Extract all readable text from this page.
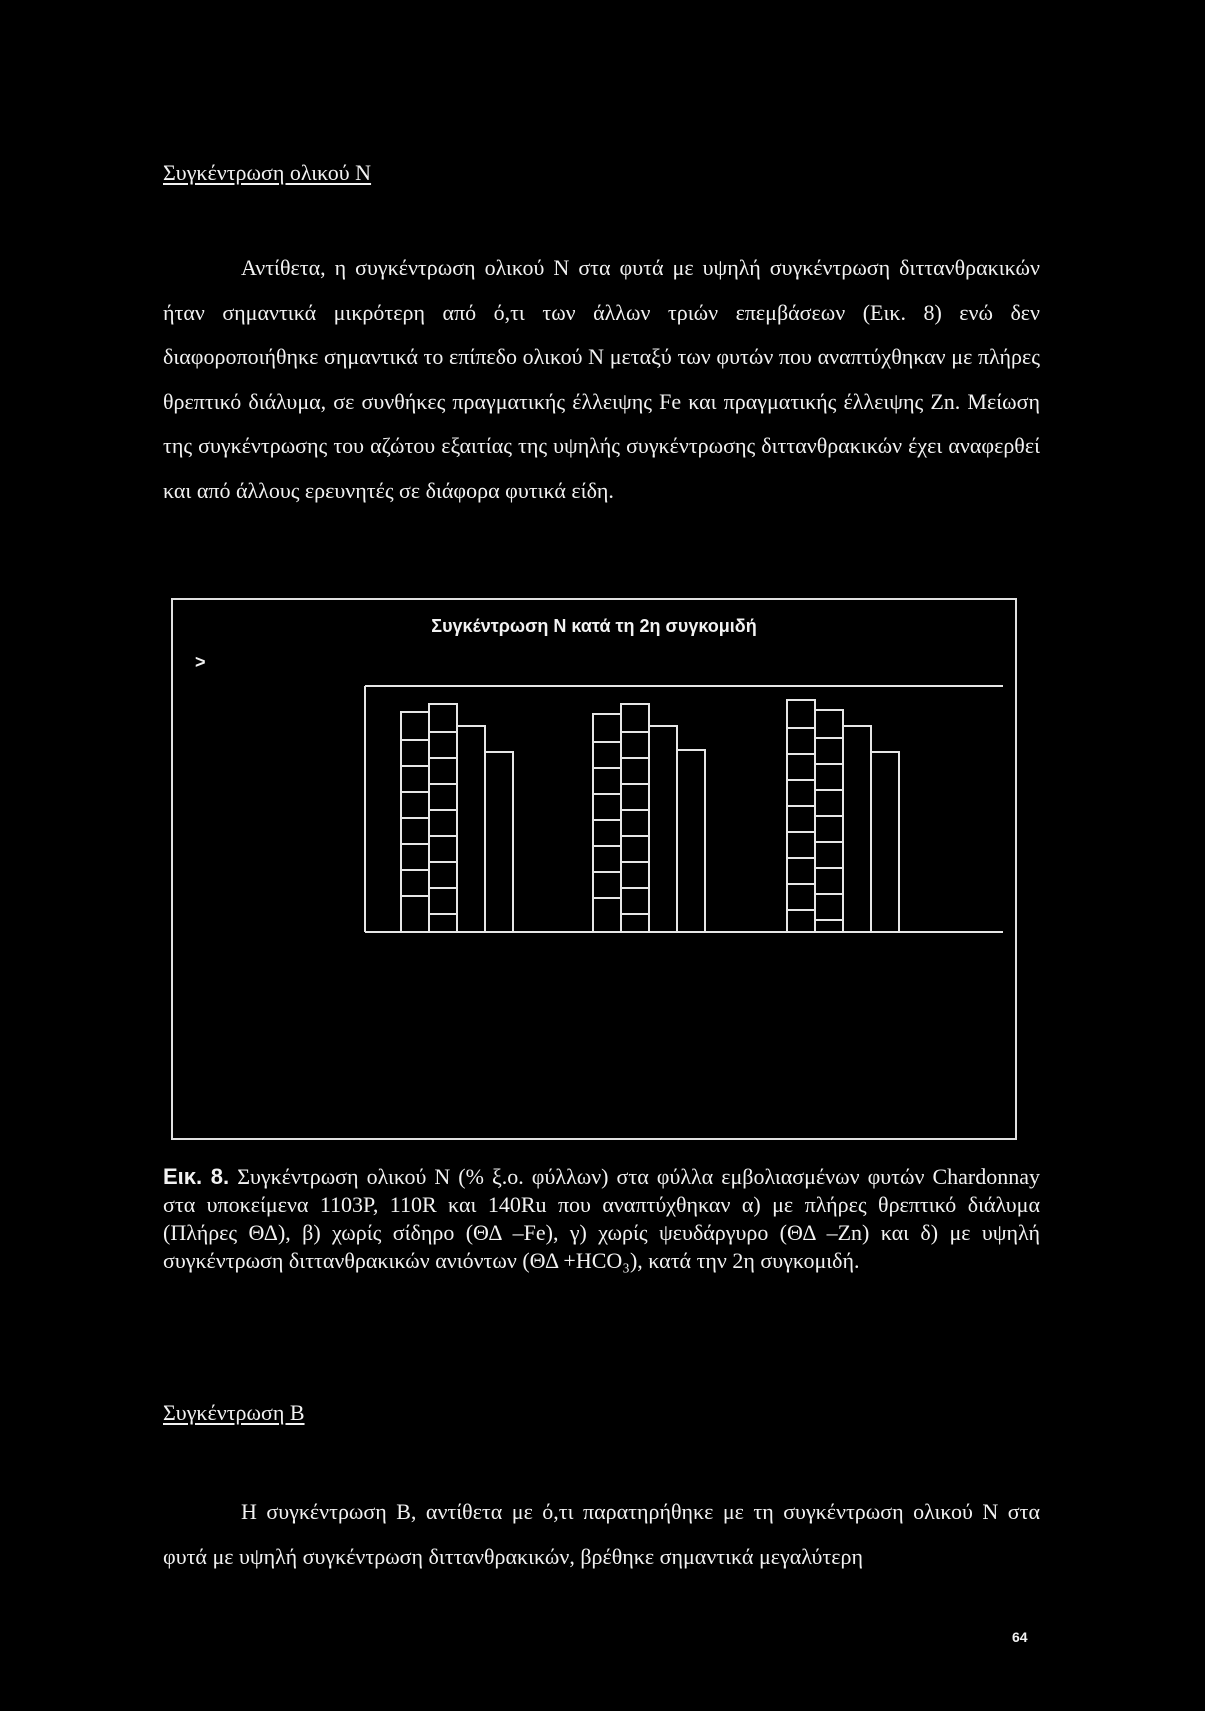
Συγκέντρωση ολικού Ν

Αντίθετα, η συγκέντρωση ολικού Ν στα φυτά με υψηλή συγκέντρωση διττανθρακικών ήταν σημαντικά μικρότερη από ό,τι των άλλων τριών επεμβάσεων (Εικ. 8) ενώ δεν διαφοροποιήθηκε σημαντικά το επίπεδο ολικού Ν μεταξύ των φυτών που αναπτύχθηκαν με πλήρες θρεπτικό διάλυμα, σε συνθήκες πραγματικής έλλειψης Fe και πραγματικής έλλειψης Zn. Μείωση της συγκέντρωσης του αζώτου εξαιτίας της υψηλής συγκέντρωσης διττανθρακικών έχει αναφερθεί και από άλλους ερευνητές σε διάφορα φυτικά είδη.

Συγκέντρωση Ν κατά τη 2η συγκομιδή
>

Εικ. 8. Συγκέντρωση ολικού Ν (% ξ.ο. φύλλων) στα φύλλα εμβολιασμένων φυτών Chardonnay στα υποκείμενα 1103P, 110R και 140Ru που αναπτύχθηκαν α) με πλήρες θρεπτικό διάλυμα (Πλήρες ΘΔ), β) χωρίς σίδηρο (ΘΔ –Fe), γ) χωρίς ψευδάργυρο (ΘΔ –Zn) και δ) με υψηλή συγκέντρωση διττανθρακικών ανιόντων (ΘΔ +HCO₃), κατά την 2η συγκομιδή.

Συγκέντρωση Β

Η συγκέντρωση Β, αντίθετα με ό,τι παρατηρήθηκε με τη συγκέντρωση ολικού Ν στα φυτά με υψηλή συγκέντρωση διττανθρακικών, βρέθηκε σημαντικά μεγαλύτερη

64
